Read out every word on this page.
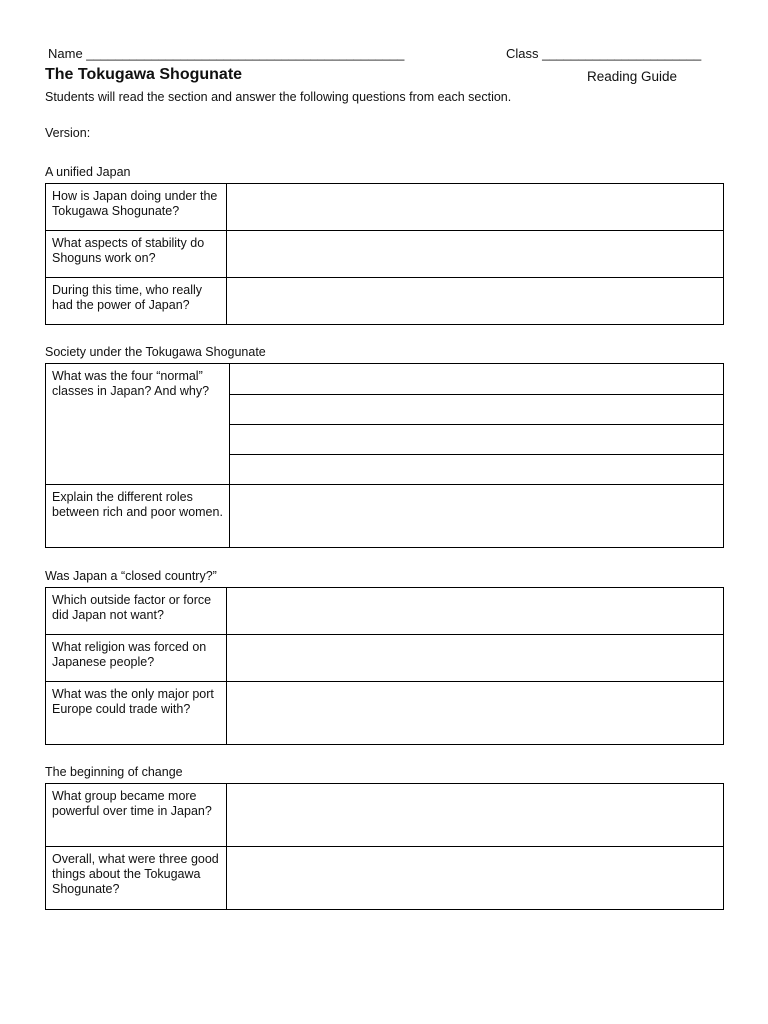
Name ____________________________________________	Class ______________________
The Tokugawa Shogunate	Reading Guide
Students will read the section and answer the following questions from each section.
Version:
A unified Japan
How is Japan doing under the Tokugawa Shogunate?	
What aspects of stability do Shoguns work on?	
During this time, who really had the power of Japan?	
Society under the Tokugawa Shogunate
What was the four “normal” classes in Japan? And why?	

Explain the different roles between rich and poor women.	
Was Japan a “closed country?”
Which outside factor or force did Japan not want?	
What religion was forced on Japanese people?	
What was the only major port Europe could trade with?	
The beginning of change
What group became more powerful over time in Japan?	
Overall, what were three good things about the Tokugawa Shogunate?	
